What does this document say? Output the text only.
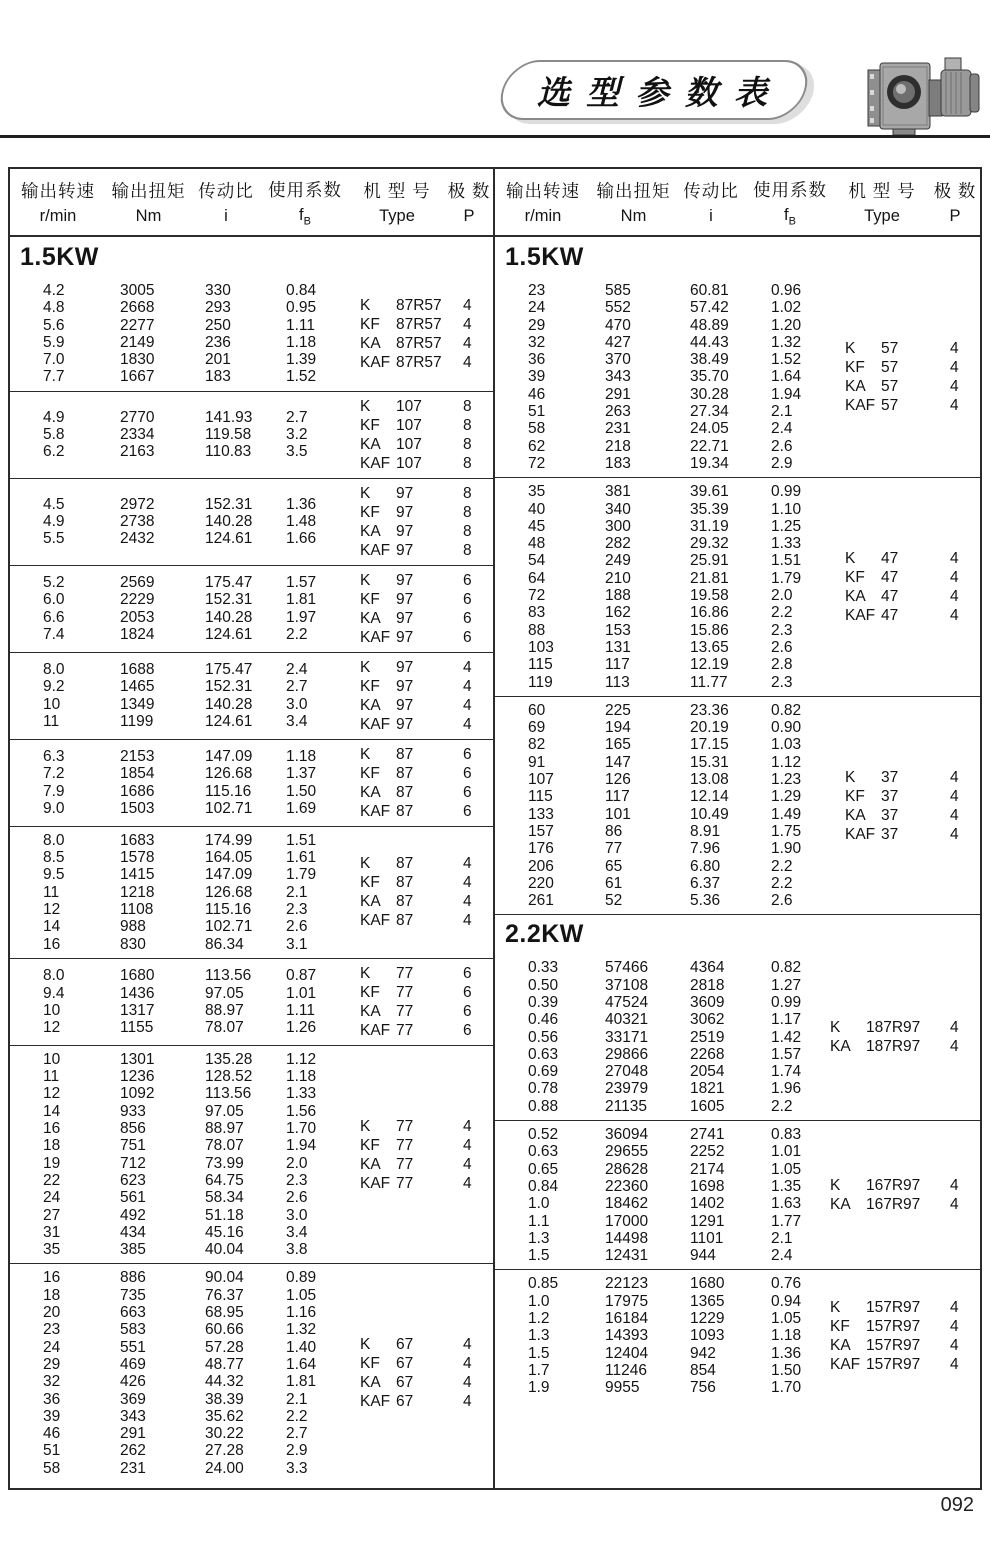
选 型 参 数 表
输出转速
r/min
输出扭矩
Nm
传动比
i
使用系数
$f_B$
机 型 号
Type
极 数
P
1.5KW
4.2	3005	330	0.84
4.8	2668	293	0.95
5.6	2277	250	1.11
5.9	2149	236	1.18
7.0	1830	201	1.39
7.7	1667	183	1.52
K	87R57	4
KF	87R57	4
KA 87R57	4
KAF 87R57	4
4.9	2770	141.93	2.7
5.8	2334	119.58	3.2
6.2	2163	110.83	3.5
K	107	8
KF	107	8
KA 107	8
KAF 107	8
4.5	2972	152.31	1.36
4.9	2738	140.28	1.48
5.5	2432	124.61	1.66
K	97	8
KF	97	8
KA 97	8
KAF 97	8
5.2	2569	175.47	1.57
6.0	2229	152.31	1.81
6.6	2053	140.28	1.97
7.4	1824	124.61	2.2
K	97	6
KF	97	6
KA 97	6
KAF 97	6
8.0	1688	175.47	2.4
9.2	1465	152.31	2.7
10	1349	140.28	3.0
11	1199	124.61	3.4
K	97	4
KF	97	4
KA 97	4
KAF 97	4
6.3	2153	147.09	1.18
7.2	1854	126.68	1.37
7.9	1686	115.16	1.50
9.0	1503	102.71	1.69
K	87	6
KF	87	6
KA 87	6
KAF 87	6
8.0	1683	174.99	1.51
8.5	1578	164.05	1.61
9.5	1415	147.09	1.79
11	1218	126.68	2.1
12	1108	115.16	2.3
14	988	102.71	2.6
16	830	86.34	3.1
K	87	4
KF	87	4
KA 87	4
KAF 87	4
8.0	1680	113.56	0.87
9.4	1436	97.05	1.01
10	1317	88.97	1.11
12	1155	78.07	1.26
K	77	6
KF	77	6
KA 77	6
KAF 77	6
10	1301	135.28	1.12
11	1236	128.52	1.18
12	1092	113.56	1.33
14	933	97.05	1.56
16	856	88.97	1.70
18	751	78.07	1.94
19	712	73.99	2.0
22	623	64.75	2.3
24	561	58.34	2.6
27	492	51.18	3.0
31	434	45.16	3.4
35	385	40.04	3.8
K	77	4
KF	77	4
KA 77	4
KAF 77	4
16	886	90.04	0.89
18	735	76.37	1.05
20	663	68.95	1.16
23	583	60.66	1.32
24	551	57.28	1.40
29	469	48.77	1.64
32	426	44.32	1.81
36	369	38.39	2.1
39	343	35.62	2.2
46	291	30.22	2.7
51	262	27.28	2.9
58	231	24.00	3.3
K	67	4
KF	67	4
KA 67	4
KAF 67	4
输出转速
r/min
输出扭矩
Nm
传动比
i
使用系数
$f_B$
机 型 号
Type
极 数
P
1.5KW
23	585	60.81	0.96
24	552	57.42	1.02
29	470	48.89	1.20
32	427	44.43	1.32
36	370	38.49	1.52
39	343	35.70	1.64
46	291	30.28	1.94
51	263	27.34	2.1
58	231	24.05	2.4
62	218	22.71	2.6
72	183	19.34	2.9
K	57	4
KF	57	4
KA 57	4
KAF 57	4
35	381	39.61	0.99
40	340	35.39	1.10
45	300	31.19	1.25
48	282	29.32	1.33
54	249	25.91	1.51
64	210	21.81	1.79
72	188	19.58	2.0
83	162	16.86	2.2
88	153	15.86	2.3
103	131	13.65	2.6
115	117	12.19	2.8
119	113	11.77	2.3
K	47	4
KF	47	4
KA 47	4
KAF 47	4
60	225	23.36	0.82
69	194	20.19	0.90
82	165	17.15	1.03
91	147	15.31	1.12
107	126	13.08	1.23
115	117	12.14	1.29
133	101	10.49	1.49
157	86	8.91	1.75
176	77	7.96	1.90
206	65	6.80	2.2
220	61	6.37	2.2
261	52	5.36	2.6
K	37	4
KF	37	4
KA 37	4
KAF 37	4
2.2KW
0.33	57466	4364	0.82
0.50	37108	2818	1.27
0.39	47524	3609	0.99
0.46	40321	3062	1.17
0.56	33171	2519	1.42
0.63	29866	2268	1.57
0.69	27048	2054	1.74
0.78	23979	1821	1.96
0.88	21135	1605	2.2
K	187R97	4
KA 187R97	4
0.52	36094	2741	0.83
0.63	29655	2252	1.01
0.65	28628	2174	1.05
0.84	22360	1698	1.35
1.0	18462	1402	1.63
1.1	17000	1291	1.77
1.3	14498	1101	2.1
1.5	12431	944	2.4
K	167R97	4
KA 167R97	4
0.85	22123	1680	0.76
1.0	17975	1365	0.94
1.2	16184	1229	1.05
1.3	14393	1093	1.18
1.5	12404	942	1.36
1.7	11246	854	1.50
1.9	9955	756	1.70
K	157R97	4
KF	157R97	4
KA 157R97	4
KAF 157R97	4
092
